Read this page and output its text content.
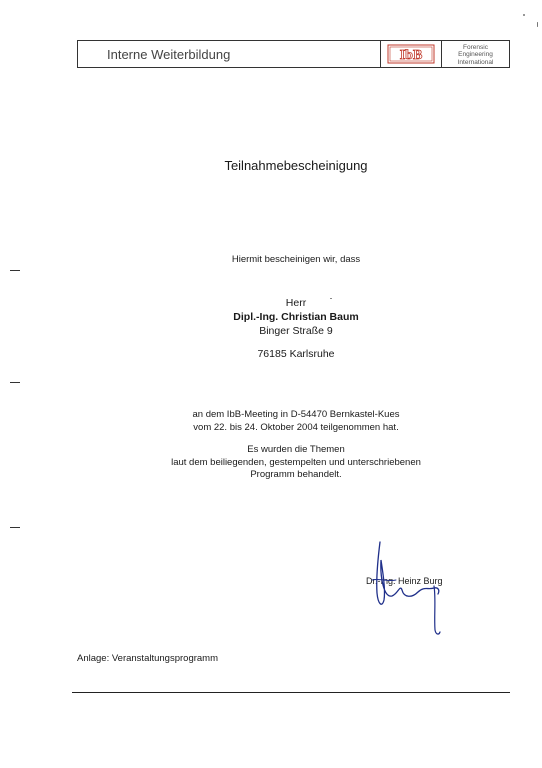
Interne Weiterbildung	IbB
Forensic
Engineering
International
Teilnahmebescheinigung
Hiermit bescheinigen wir, dass
Herr
Dipl.-Ing. Christian Baum
Binger Straße 9
76185 Karlsruhe
an dem IbB-Meeting in D-54470 Bernkastel-Kues
vom 22. bis 24. Oktober 2004 teilgenommen hat.
Es wurden die Themen
laut dem beiliegenden, gestempelten und unterschriebenen
Programm behandelt.
Dr.-Ing. Heinz Burg
Anlage: Veranstaltungsprogramm
